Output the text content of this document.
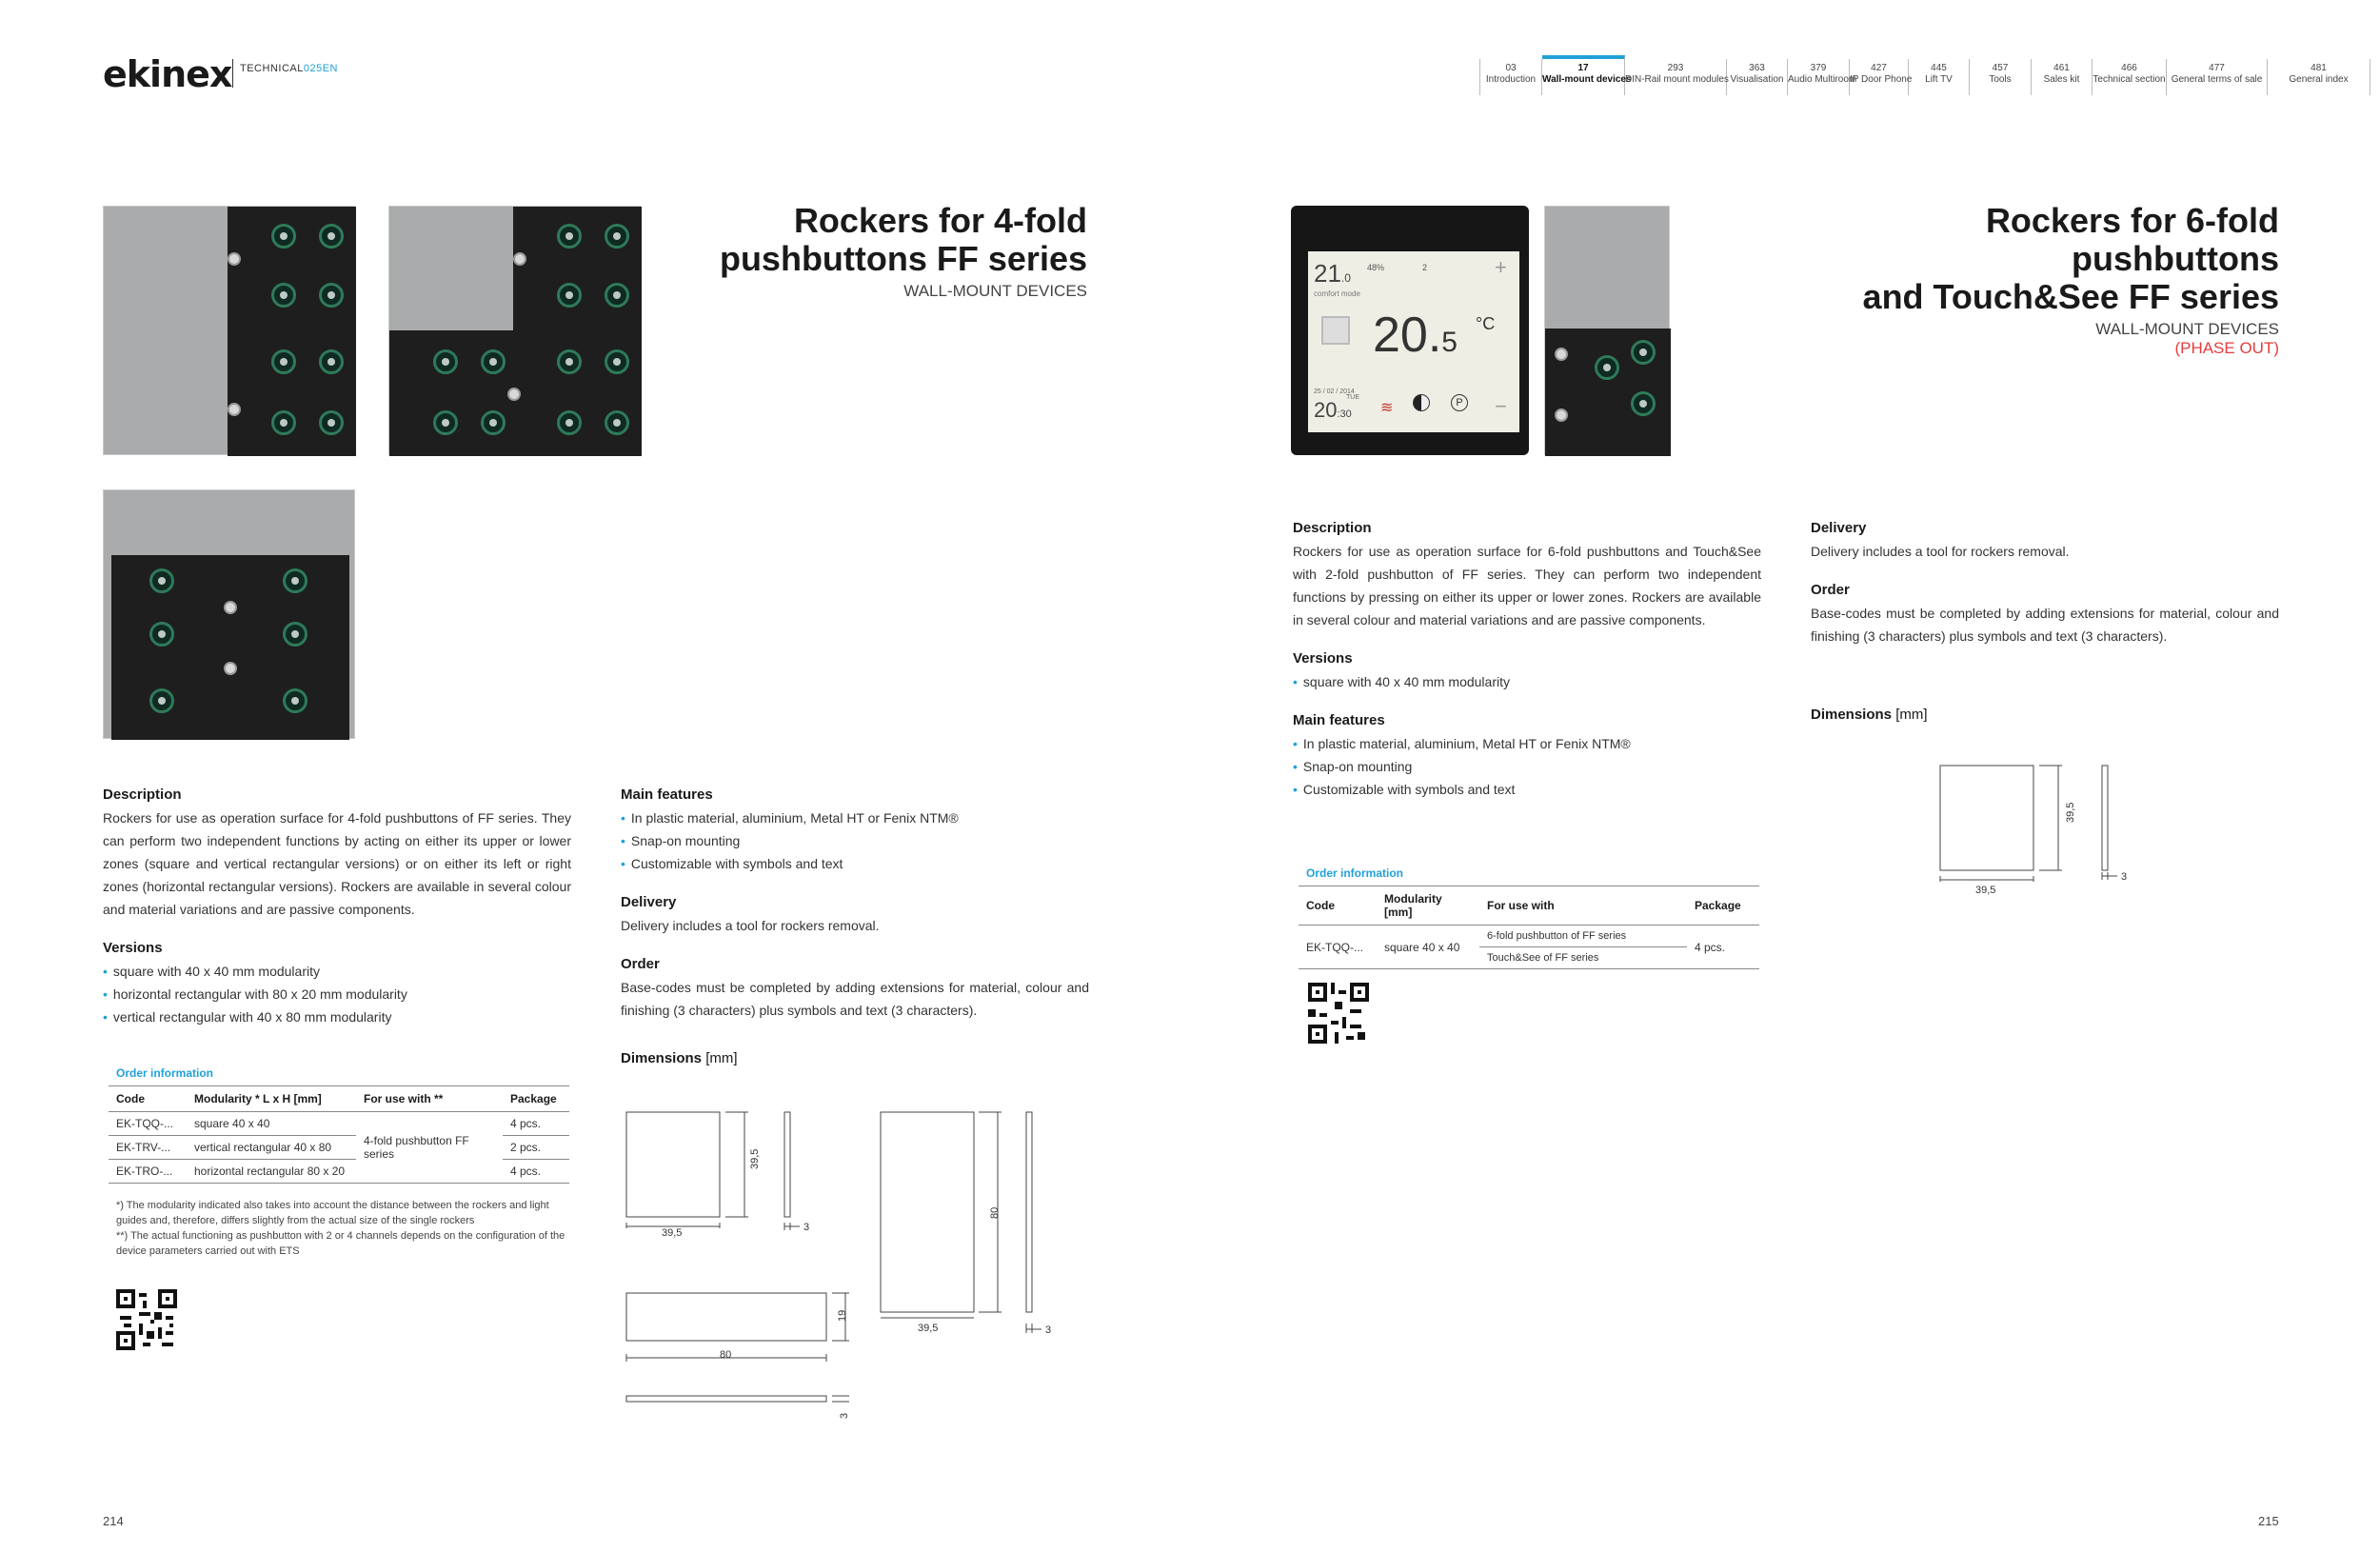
ekinex TECHNICAL025EN	03
Introduction
17
Wall-mount devices
293
DIN-Rail mount modules
363
Visualisation
379
Audio Multiroom
427
IP Door Phone
445
Lift TV
457
Tools
461
Sales kit
466
Technical section
477
General terms of sale
481
General index
Rockers for 4-fold
pushbuttons FF series
WALL-MOUNT DEVICES
Description
Rockers for use as operation surface for 4-fold pushbuttons of FF series. They can perform two independent functions by acting on either its upper or lower zones (square and vertical rectangular versions) or on either its left or right zones (horizontal rectangular versions). Rockers are available in several colour and material variations and are passive components.
Versions
• square with 40 x 40 mm modularity
• horizontal rectangular with 80 x 20 mm modularity
• vertical rectangular with 40 x 80 mm modularity
Order information
Code	Modularity * L x H [mm]	For use with **	Package
EK-TQQ-...	square 40 x 40	4-fold pushbutton FF series	4 pcs.
EK-TRV-...	vertical rectangular 40 x 80		2 pcs.
EK-TRO-...	horizontal rectangular 80 x 20		4 pcs.
*) The modularity indicated also takes into account the distance between the rockers and light guides and, therefore, differs slightly from the actual size of the single rockers
**) The actual functioning as pushbutton with 2 or 4 channels depends on the configuration of the device parameters carried out with ETS
Main features
• In plastic material, aluminium, Metal HT or Fenix NTM®
• Snap-on mounting
• Customizable with symbols and text
Delivery
Delivery includes a tool for rockers removal.
Order
Base-codes must be completed by adding extensions for material, colour and finishing (3 characters) plus symbols and text (3 characters).
Dimensions [mm]
39,5
39,5
3
80
39,5	3
19
80
3
214
21.0
comfort mode
48%	2	+
−
20.5
°C
25 / 02 / 2014
20:30
TUE
≋	P
Rockers for 6-fold pushbuttons
and Touch&See FF series
WALL-MOUNT DEVICES
(PHASE OUT)
Description
Rockers for use as operation surface for 6-fold pushbuttons and Touch&See with 2-fold pushbutton of FF series. They can perform two independent functions by pressing on either its upper or lower zones. Rockers are available in several colour and material variations and are passive components.
Versions
• square with 40 x 40 mm modularity
Main features
• In plastic material, aluminium, Metal HT or Fenix NTM®
• Snap-on mounting
• Customizable with symbols and text
Order information
Code	Modularity [mm]	For use with	Package
EK-TQQ-...	square 40 x 40	6-fold pushbutton of FF series	4 pcs.
		Touch&See of FF series	
Delivery
Delivery includes a tool for rockers removal.
Order
Base-codes must be completed by adding extensions for material, colour and finishing (3 characters) plus symbols and text (3 characters).
Dimensions [mm]
39,5
39,5
3
215
